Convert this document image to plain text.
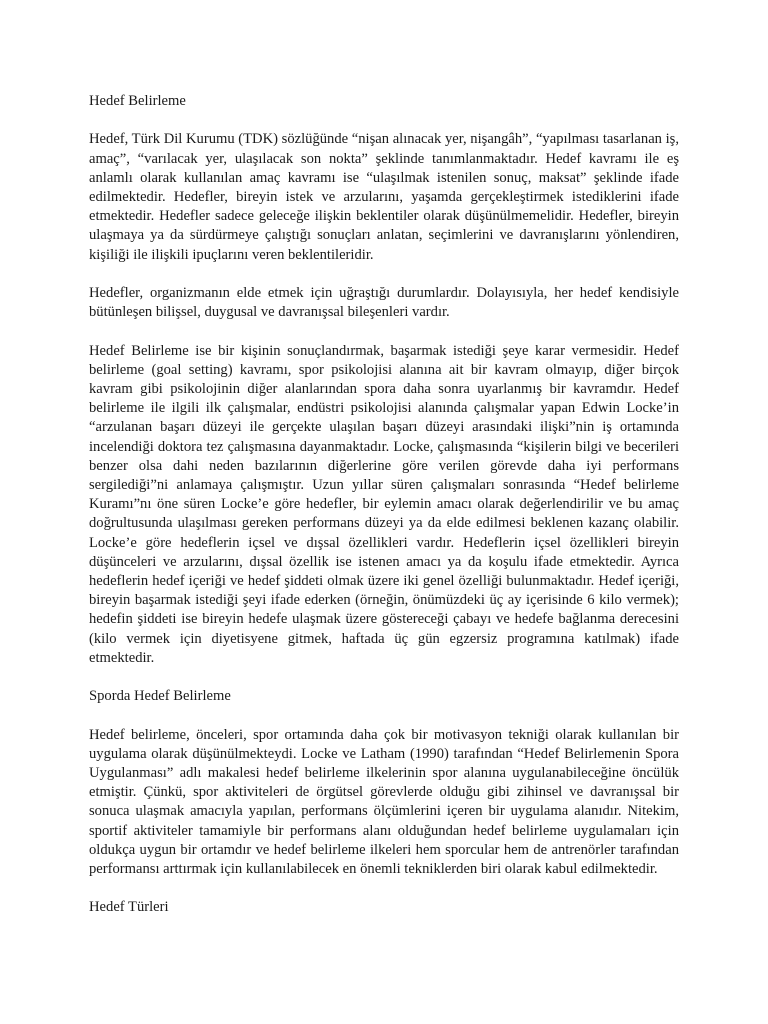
Hedef Belirleme

Hedef, Türk Dil Kurumu (TDK) sözlüğünde “nişan alınacak yer, nişangâh”, “yapılması tasarlanan iş, amaç”, “varılacak yer, ulaşılacak son nokta” şeklinde tanımlanmaktadır. Hedef kavramı ile eş anlamlı olarak kullanılan amaç kavramı ise “ulaşılmak istenilen sonuç, maksat” şeklinde ifade edilmektedir. Hedefler, bireyin istek ve arzularını, yaşamda gerçekleştirmek istediklerini ifade etmektedir. Hedefler sadece geleceğe ilişkin beklentiler olarak düşünülmemelidir. Hedefler, bireyin ulaşmaya ya da sürdürmeye çalıştığı sonuçları anlatan, seçimlerini ve davranışlarını yönlendiren, kişiliği ile ilişkili ipuçlarını veren beklentileridir.

Hedefler, organizmanın elde etmek için uğraştığı durumlardır. Dolayısıyla, her hedef kendisiyle bütünleşen bilişsel, duygusal ve davranışsal bileşenleri vardır.

Hedef Belirleme ise bir kişinin sonuçlandırmak, başarmak istediği şeye karar vermesidir. Hedef belirleme (goal setting) kavramı, spor psikolojisi alanına ait bir kavram olmayıp, diğer birçok kavram gibi psikolojinin diğer alanlarından spora daha sonra uyarlanmış bir kavramdır. Hedef belirleme ile ilgili ilk çalışmalar, endüstri psikolojisi alanında çalışmalar yapan Edwin Locke’in “arzulanan başarı düzeyi ile gerçekte ulaşılan başarı düzeyi arasındaki ilişki”nin iş ortamında incelendiği doktora tez çalışmasına dayanmaktadır. Locke, çalışmasında “kişilerin bilgi ve becerileri benzer olsa dahi neden bazılarının diğerlerine göre verilen görevde daha iyi performans sergilediği”ni anlamaya çalışmıştır. Uzun yıllar süren çalışmaları sonrasında “Hedef belirleme Kuramı”nı öne süren Locke’e göre hedefler, bir eylemin amacı olarak değerlendirilir ve bu amaç doğrultusunda ulaşılması gereken performans düzeyi ya da elde edilmesi beklenen kazanç olabilir. Locke’e göre hedeflerin içsel ve dışsal özellikleri vardır. Hedeflerin içsel özellikleri bireyin düşünceleri ve arzularını, dışsal özellik ise istenen amacı ya da koşulu ifade etmektedir. Ayrıca hedeflerin hedef içeriği ve hedef şiddeti olmak üzere iki genel özelliği bulunmaktadır. Hedef içeriği, bireyin başarmak istediği şeyi ifade ederken (örneğin, önümüzdeki üç ay içerisinde 6 kilo vermek); hedefin şiddeti ise bireyin hedefe ulaşmak üzere göstereceği çabayı ve hedefe bağlanma derecesini (kilo vermek için diyetisyene gitmek, haftada üç gün egzersiz programına katılmak) ifade etmektedir.

Sporda Hedef Belirleme

Hedef belirleme, önceleri, spor ortamında daha çok bir motivasyon tekniği olarak kullanılan bir uygulama olarak düşünülmekteydi. Locke ve Latham (1990) tarafından “Hedef Belirlemenin Spora Uygulanması” adlı makalesi hedef belirleme ilkelerinin spor alanına uygulanabileceğine öncülük etmiştir. Çünkü, spor aktiviteleri de örgütsel görevlerde olduğu gibi zihinsel ve davranışsal bir sonuca ulaşmak amacıyla yapılan, performans ölçümlerini içeren bir uygulama alanıdır. Nitekim, sportif aktiviteler tamamiyle bir performans alanı olduğundan hedef belirleme uygulamaları için oldukça uygun bir ortamdır ve hedef belirleme ilkeleri hem sporcular hem de antrenörler tarafından performansı arttırmak için kullanılabilecek en önemli tekniklerden biri olarak kabul edilmektedir.

Hedef Türleri
